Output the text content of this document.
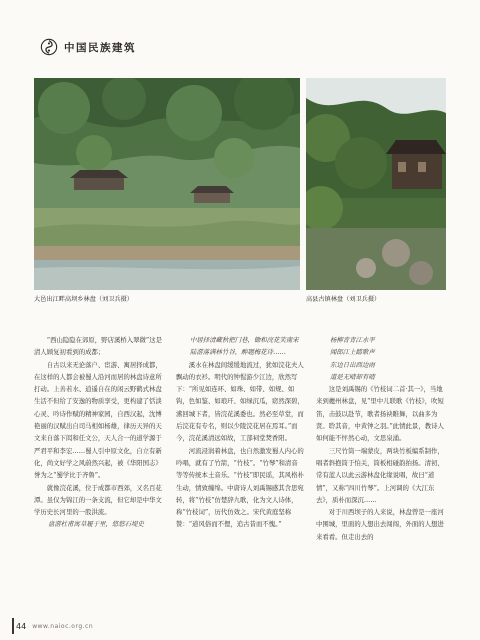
中国民族建筑
大邑出江畔高坝乡林盘（刘卫兵摄）	高县古镇林盘（刘卫兵摄）

“西山隐隐在郊原，野店溪桥入翠微”这是清人顾复初看到的成都；

自古以来无论落户、宦游、寓居择成都，在这样的人都会被蜀人沿河而居的林盘诗意所打动。上善若水、逍遥自在的闲云野鹤式林盘生活不但给了安逸的物质享受，更构建了恬淡心灵、吟诗作赋的精神家园，自西汉起，沈博艳丽的汉赋出自司马相如杨雄，律历天异的天文来自落下闳和任文公，天人合一的道学源于严君平和李宏……蜀人引中原文化，自立有新化，尚文好学之风蔚然兴起，被《华阳国志》誉为之“蜀学比于齐鲁”。

就像浣花溪，位于成都市西郊，又名百花潭。虽仅为锦江的一条支流，但它却是中华文学历史长河里的一股洪流。

盘游杜甫寓草履于里，悠悠石堤史

中居择清藏秋把门巷，锄和浣花笑南宋陆游落满林竹谷，醉题梅花诗……

溪水在林盘间缓缓地流过，犹如浣花夫人飘动的衣衫。明代的钟惺游少江边，欣然写下：“所见如连环、如珠、如带、如规、如钩，色如鉴、如琅玕、如绿沉瓜，窈然深碧，潆回城下者，皆浣花溪委也。然必至草堂，而后浣花有专名，则以少陵浣花居在焉耳。”而今，浣花溪清远如故，工部祠堂焚香阳。

河流浸润着林盘，也自然激发蜀人内心的吟唱，就有了竹箭，“竹枝”。“竹琴”和清音等等传统本土音乐。“竹枝”即民谣，其风格朴生动，情致缠绵。中唐诗人刘禹锡感其含思宛转，将“竹枝”仿楚辞九歌，化为文人诗体，称“竹枝词”，历代仿效之。宋代黄庭坚称赞：“道风俗而不俚，追古昔而不愧。”

杨柳青青江水平

闻郎江上踏歌声

东边日出西边雨

道是无晴却有晴

这是刘禹锡的《竹枝词二首·其一》，当地来到夔州林盘，见“里中儿联歌《竹枝》，吹短笛，击鼓以赴节，歌者扬袂睢舞，以曲多为贤。聆其音，中黄钟之羽。”此情此景，教诗人如何能不怦然心动，文思泉涌。

三尺竹筒一端蒙皮，两块竹板编系制作，唱者斜抱筒于怕关，筒板相碰韵拍扬。清初，常有蓝人以此云游林盘化缘说唱，故曰“道情”，又称“四川竹琴”。上河调的《大江东去》，质朴而深沉……

对于川西坝子的人来说，林盘曾是一座河中围城，里面的人想出去闯闯，外面的人想进来看看。但走出去的

44 www.naioc.org.cn
